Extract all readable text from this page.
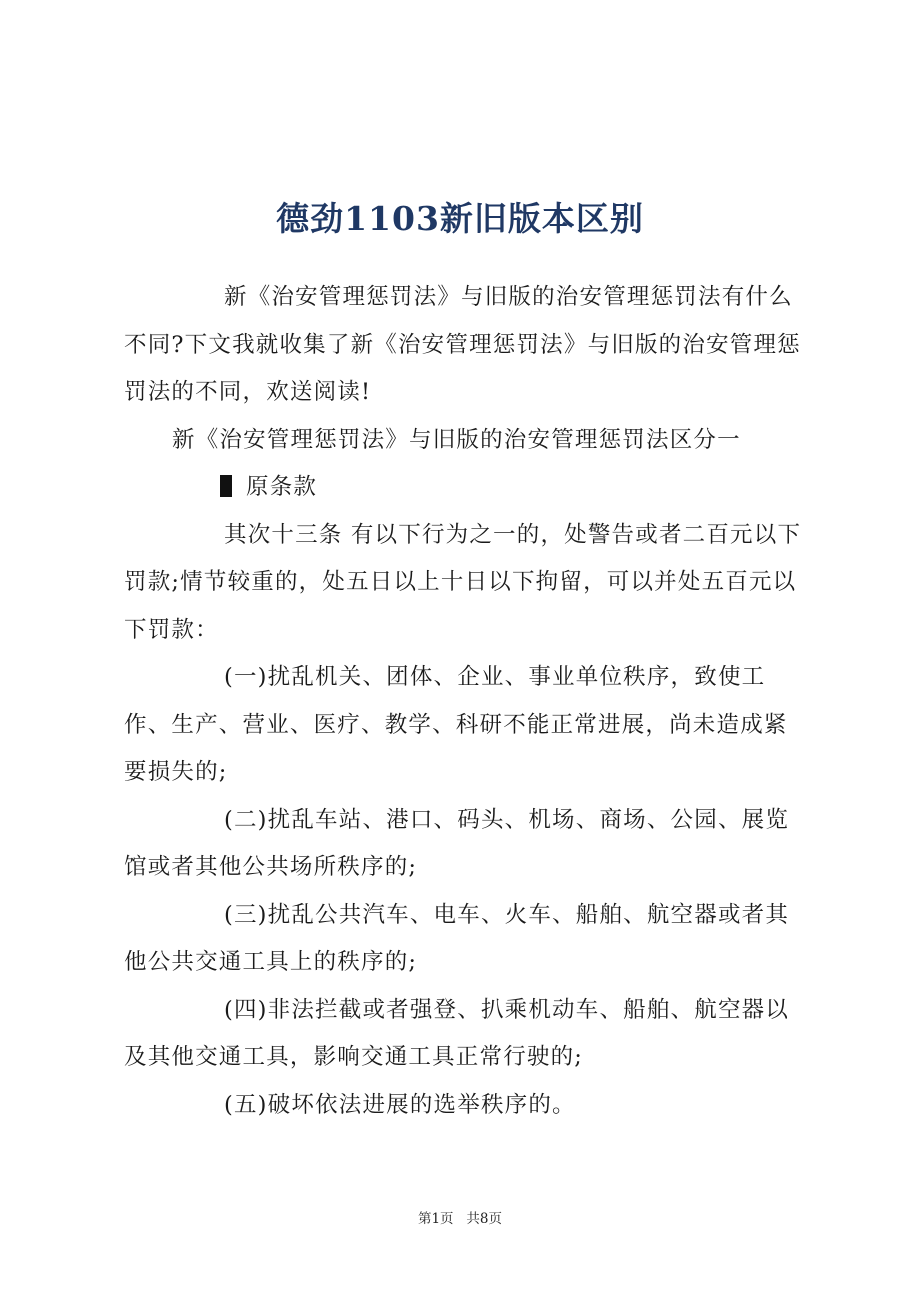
德劲1103新旧版本区别

新《治安管理惩罚法》与旧版的治安管理惩罚法有什么不同?下文我就收集了新《治安管理惩罚法》与旧版的治安管理惩罚法的不同，欢送阅读!

新《治安管理惩罚法》与旧版的治安管理惩罚法区分一

原条款

其次十三条 有以下行为之一的，处警告或者二百元以下罚款;情节较重的，处五日以上十日以下拘留，可以并处五百元以下罚款：

(一)扰乱机关、团体、企业、事业单位秩序，致使工作、生产、营业、医疗、教学、科研不能正常进展，尚未造成紧要损失的;

(二)扰乱车站、港口、码头、机场、商场、公园、展览馆或者其他公共场所秩序的;

(三)扰乱公共汽车、电车、火车、船舶、航空器或者其他公共交通工具上的秩序的;

(四)非法拦截或者强登、扒乘机动车、船舶、航空器以及其他交通工具，影响交通工具正常行驶的;

(五)破坏依法进展的选举秩序的。

第1页   共8页
